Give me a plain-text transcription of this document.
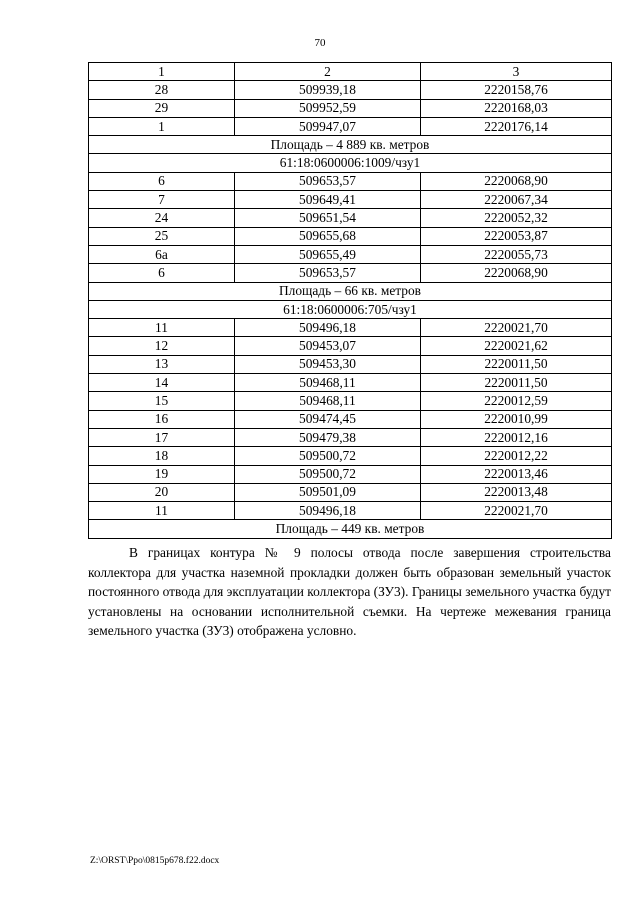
70
1	2	3
28	509939,18	2220158,76
29	509952,59	2220168,03
1	509947,07	2220176,14
Площадь – 4 889 кв. метров		
61:18:0600006:1009/чзу1		
6	509653,57	2220068,90
7	509649,41	2220067,34
24	509651,54	2220052,32
25	509655,68	2220053,87
6а	509655,49	2220055,73
6	509653,57	2220068,90
Площадь – 66 кв. метров		
61:18:0600006:705/чзу1		
11	509496,18	2220021,70
12	509453,07	2220021,62
13	509453,30	2220011,50
14	509468,11	2220011,50
15	509468,11	2220012,59
16	509474,45	2220010,99
17	509479,38	2220012,16
18	509500,72	2220012,22
19	509500,72	2220013,46
20	509501,09	2220013,48
11	509496,18	2220021,70
Площадь – 449 кв. метров		

В границах контура № 9 полосы отвода после завершения строительства коллектора для участка наземной прокладки должен быть образован земельный участок постоянного отвода для эксплуатации коллектора (ЗУ3). Границы земельного участка будут установлены на основании исполнительной съемки. На чертеже межевания граница земельного участка (ЗУ3) отображена условно.

Z:\ORST\Ppo\0815p678.f22.docx
